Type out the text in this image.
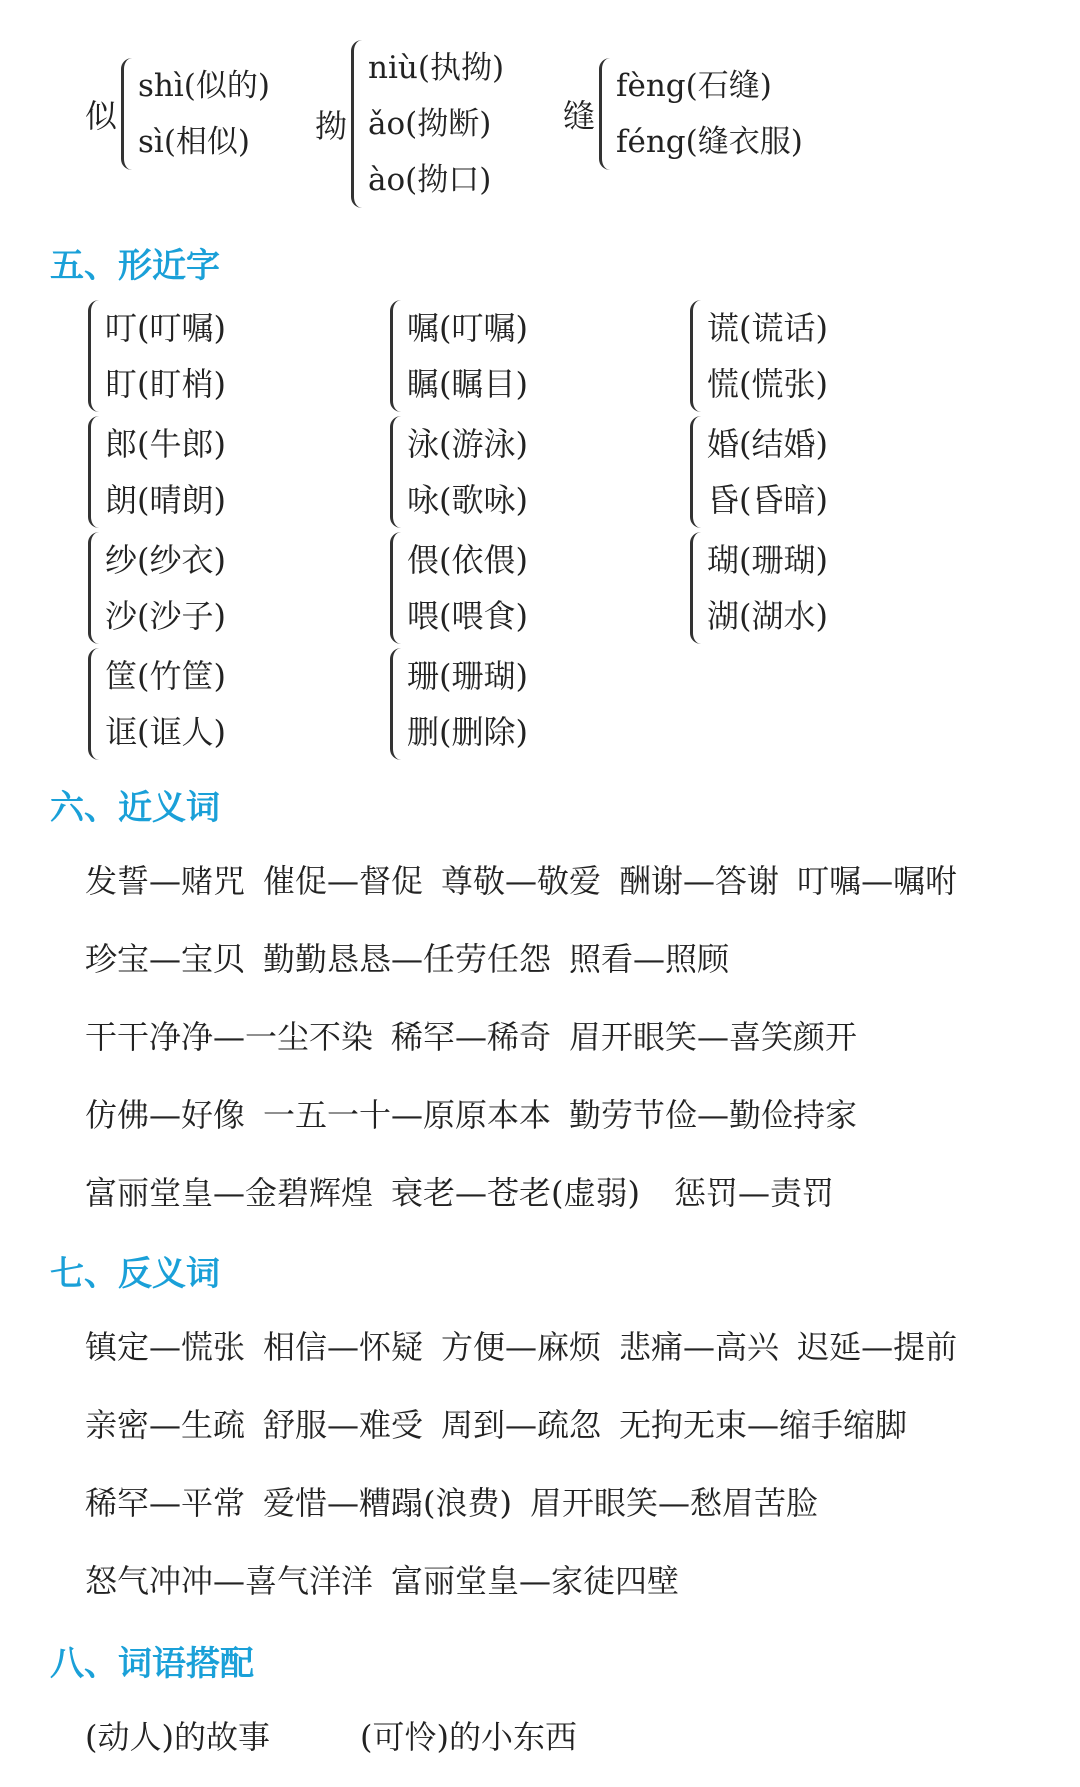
似
shì(似的)
sì(相似)	拗
niù(执拗)
ǎo(拗断)
ào(拗口)
缝
fèng(石缝)
féng(缝衣服)
五、形近字
叮(叮嘱)
盯(盯梢)
嘱(叮嘱)
瞩(瞩目)
谎(谎话)
慌(慌张)
郎(牛郎)
朗(晴朗)
泳(游泳)
咏(歌咏)
婚(结婚)
昏(昏暗)
纱(纱衣)
沙(沙子)
偎(依偎)
喂(喂食)
瑚(珊瑚)
湖(湖水)
筐(竹筐)
诓(诓人)
珊(珊瑚)
删(删除)
六、近义词
发誓—赌咒 催促—督促 尊敬—敬爱 酬谢—答谢 叮嘱—嘱咐
珍宝—宝贝 勤勤恳恳—任劳任怨 照看—照顾
干干净净—一尘不染 稀罕—稀奇 眉开眼笑—喜笑颜开
仿佛—好像 一五一十—原原本本 勤劳节俭—勤俭持家
富丽堂皇—金碧辉煌 衰老—苍老(虚弱) 惩罚—责罚
七、反义词
镇定—慌张 相信—怀疑 方便—麻烦 悲痛—高兴 迟延—提前
亲密—生疏 舒服—难受 周到—疏忽 无拘无束—缩手缩脚
稀罕—平常 爱惜—糟蹋(浪费) 眉开眼笑—愁眉苦脸
怒气冲冲—喜气洋洋 富丽堂皇—家徒四壁
八、词语搭配
(动人)的故事	(可怜)的小东西
